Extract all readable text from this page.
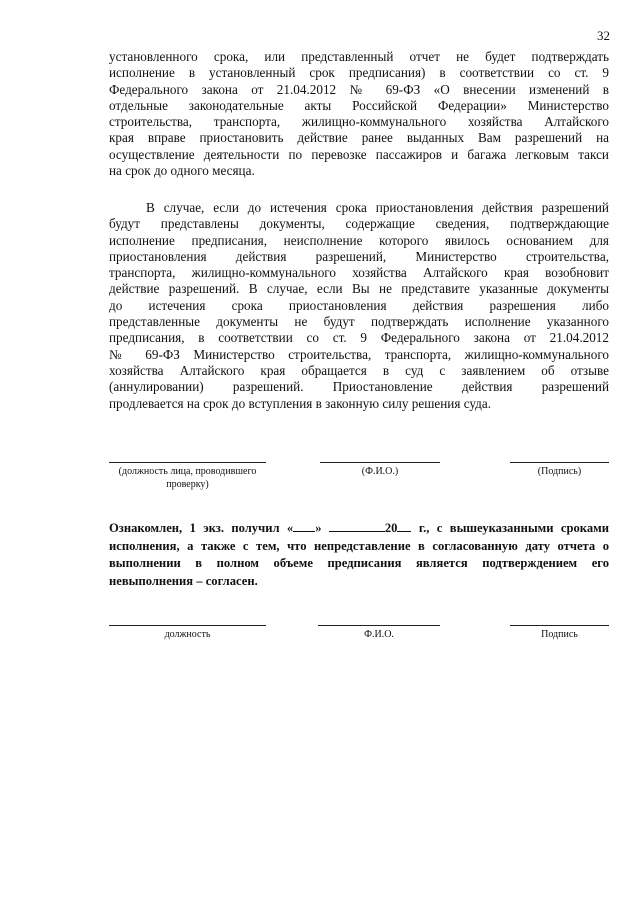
32
установленного срока, или представленный отчет не будет подтверждать
исполнение в установленный срок предписания) в соответствии со ст. 9
Федерального закона от 21.04.2012 № 69-ФЗ «О внесении изменений в
отдельные законодательные акты Российской Федерации» Министерство
строительства, транспорта, жилищно-коммунального хозяйства Алтайского
края вправе приостановить действие ранее выданных Вам разрешений на
осуществление деятельности по перевозке пассажиров и багажа легковым такси
на срок до одного месяца.
В случае, если до истечения срока приостановления действия разрешений
будут представлены документы, содержащие сведения, подтверждающие
исполнение предписания, неисполнение которого явилось основанием для
приостановления действия разрешений, Министерство строительства,
транспорта, жилищно-коммунального хозяйства Алтайского края возобновит
действие разрешений. В случае, если Вы не представите указанные документы
до истечения срока приостановления действия разрешения либо
представленные документы не будут подтверждать исполнение указанного
предписания, в соответствии со ст. 9 Федерального закона от 21.04.2012
№ 69-ФЗ Министерство строительства, транспорта, жилищно-коммунального
хозяйства Алтайского края обращается в суд с заявлением об отзыве
(аннулировании) разрешений. Приостановление действия разрешений
продлевается на срок до вступления в законную силу решения суда.
(должность лица, проводившего проверку)
(Ф.И.О.)	(Подпись)

Ознакомлен, 1 экз. получил « »	20 г., с вышеуказанными сроками исполнения, а также с тем, что непредставление в согласованную дату отчета о выполнении в полном объеме предписания является подтверждением его невыполнения – согласен.

должность	Ф.И.О.	Подпись
